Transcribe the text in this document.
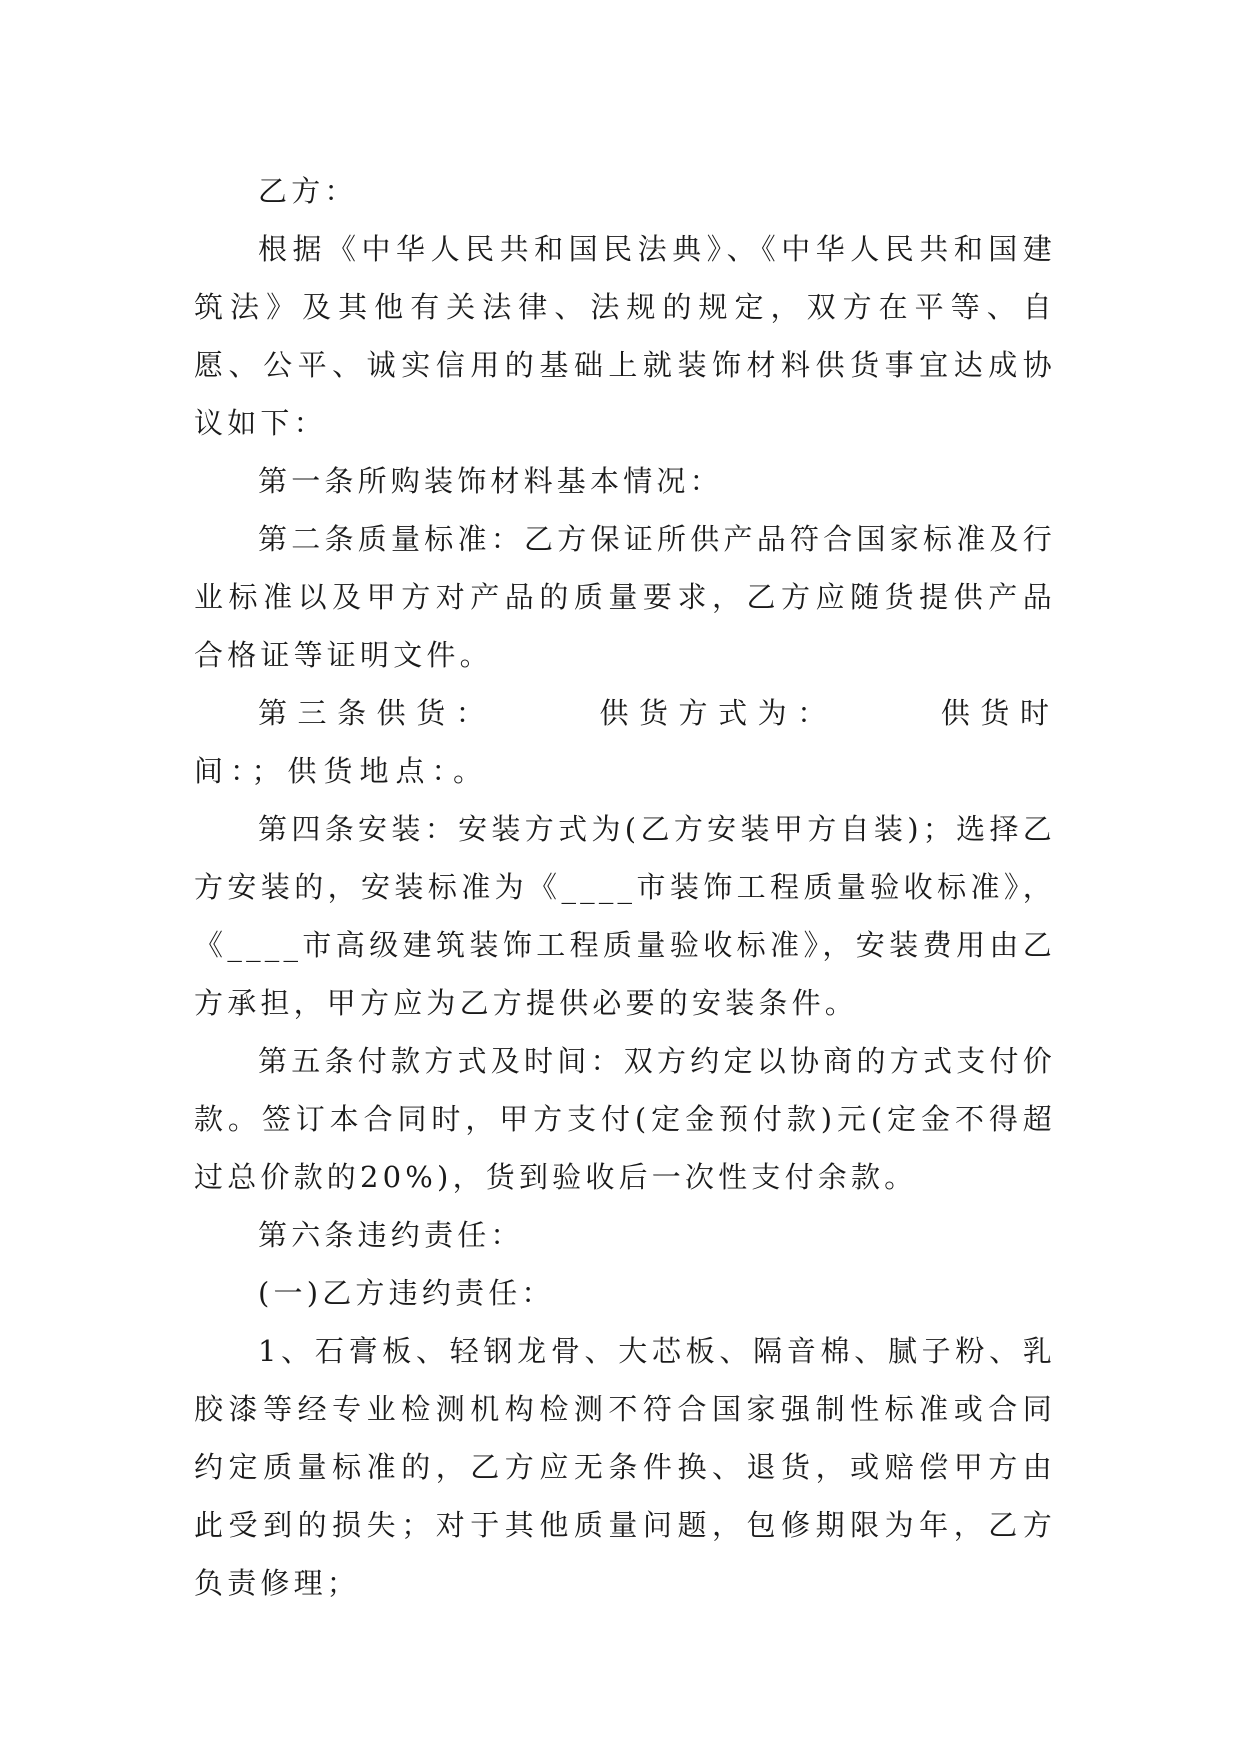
乙方：

根据《中华人民共和国民法典》、《中华人民共和国建筑法》及其他有关法律、法规的规定，双方在平等、自愿、公平、诚实信用的基础上就装饰材料供货事宜达成协议如下：

第一条所购装饰材料基本情况：

第二条质量标准：乙方保证所供产品符合国家标准及行业标准以及甲方对产品的质量要求，乙方应随货提供产品合格证等证明文件。

第三条供货：　　　供货方式为：　　　供货时间：；供货地点：。

第四条安装：安装方式为(乙方安装甲方自装)；选择乙方安装的，安装标准为《____市装饰工程质量验收标准》，《____市高级建筑装饰工程质量验收标准》，安装费用由乙方承担，甲方应为乙方提供必要的安装条件。

第五条付款方式及时间：双方约定以协商的方式支付价款。签订本合同时，甲方支付(定金预付款)元(定金不得超过总价款的20%)，货到验收后一次性支付余款。

第六条违约责任：

(一)乙方违约责任：

1、石膏板、轻钢龙骨、大芯板、隔音棉、腻子粉、乳胶漆等经专业检测机构检测不符合国家强制性标准或合同约定质量标准的，乙方应无条件换、退货，或赔偿甲方由此受到的损失；对于其他质量问题，包修期限为年，乙方负责修理；
